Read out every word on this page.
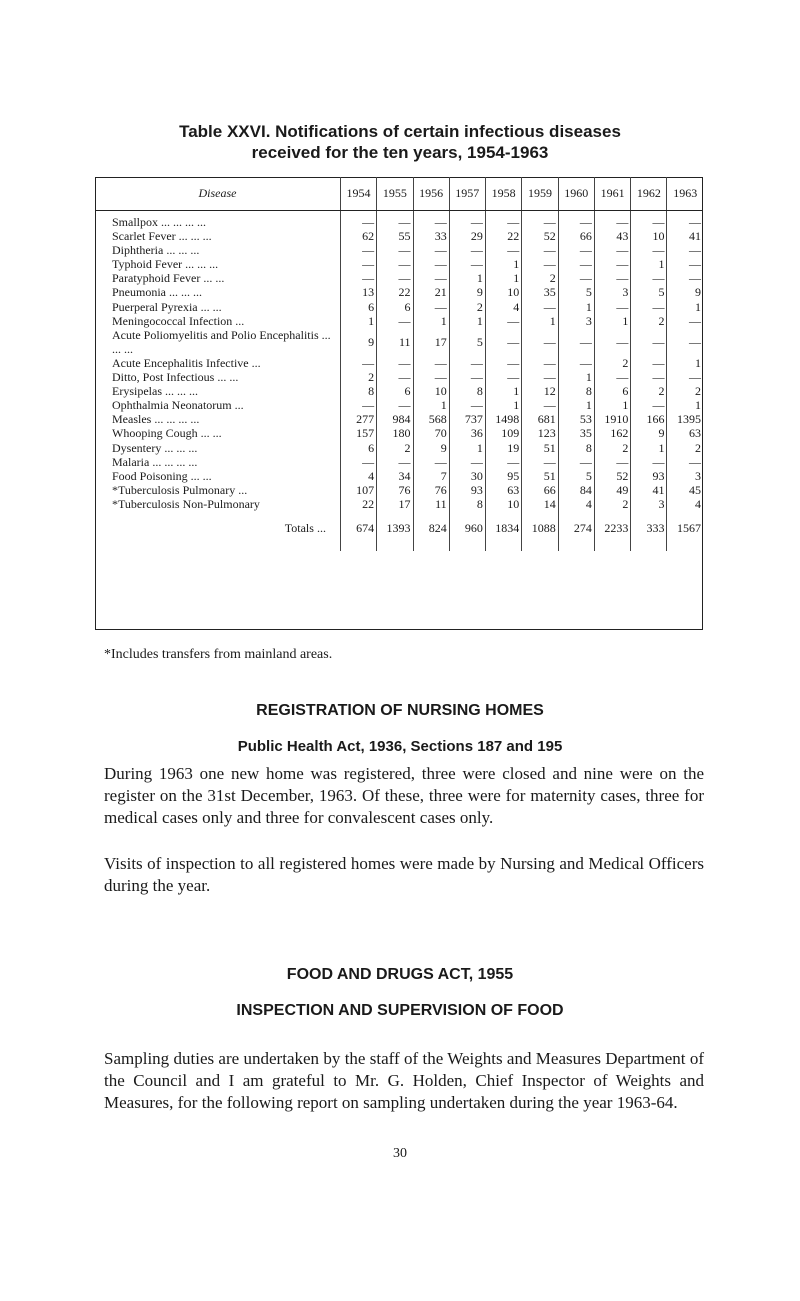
Table XXVI. Notifications of certain infectious diseases
received for the ten years, 1954-1963
Disease	1954	1955	1956	1957	1958	1959	1960	1961	1962	1963

Smallpox ... ... ... ...	—	—	—	—	—	—	—	—	—	—
Scarlet Fever ... ... ...	62	55	33	29	22	52	66	43	10	41
Diphtheria ... ... ...	—	—	—	—	—	—	—	—	—	—
Typhoid Fever ... ... ...	—	—	—	—	1	—	—	—	1	—
Paratyphoid Fever ... ...	—	—	—	1	1	2	—	—	—	—
Pneumonia ... ... ...	13	22	21	9	10	35	5	3	5	9
Puerperal Pyrexia ... ...	6	6	—	2	4	—	1	—	—	1
Meningococcal Infection ...	1	—	1	1	—	1	3	1	2	—
Acute Poliomyelitis and Polio Encephalitis ... ... ...	9	11	17	5	—	—	—	—	—	—
Acute Encephalitis Infective ...	—	—	—	—	—	—	—	2	—	1
Ditto, Post Infectious ... ...	2	—	—	—	—	—	1	—	—	—
Erysipelas ... ... ...	8	6	10	8	1	12	8	6	2	2
Ophthalmia Neonatorum ...	—	—	1	—	1	—	1	1	—	1
Measles ... ... ... ...	277	984	568	737	1498	681	53	1910	166	1395
Whooping Cough ... ...	157	180	70	36	109	123	35	162	9	63
Dysentery ... ... ...	6	2	9	1	19	51	8	2	1	2
Malaria ... ... ... ...	—	—	—	—	—	—	—	—	—	—
Food Poisoning ... ...	4	34	7	30	95	51	5	52	93	3
*Tuberculosis Pulmonary ...	107	76	76	93	63	66	84	49	41	45
*Tuberculosis Non-Pulmonary	22	17	11	8	10	14	4	2	3	4

Totals ...	674	1393	824	960	1834	1088	274	2233	333	1567

*Includes transfers from mainland areas.
REGISTRATION OF NURSING HOMES
Public Health Act, 1936, Sections 187 and 195
During 1963 one new home was registered, three were closed and nine were on the register on the 31st December, 1963. Of these, three were for maternity cases, three for medical cases only and three for convalescent cases only.
Visits of inspection to all registered homes were made by Nursing and Medical Officers during the year.
FOOD AND DRUGS ACT, 1955
INSPECTION AND SUPERVISION OF FOOD
Sampling duties are undertaken by the staff of the Weights and Measures Department of the Council and I am grateful to Mr. G. Holden, Chief Inspector of Weights and Measures, for the following report on sampling undertaken during the year 1963-64.
30
